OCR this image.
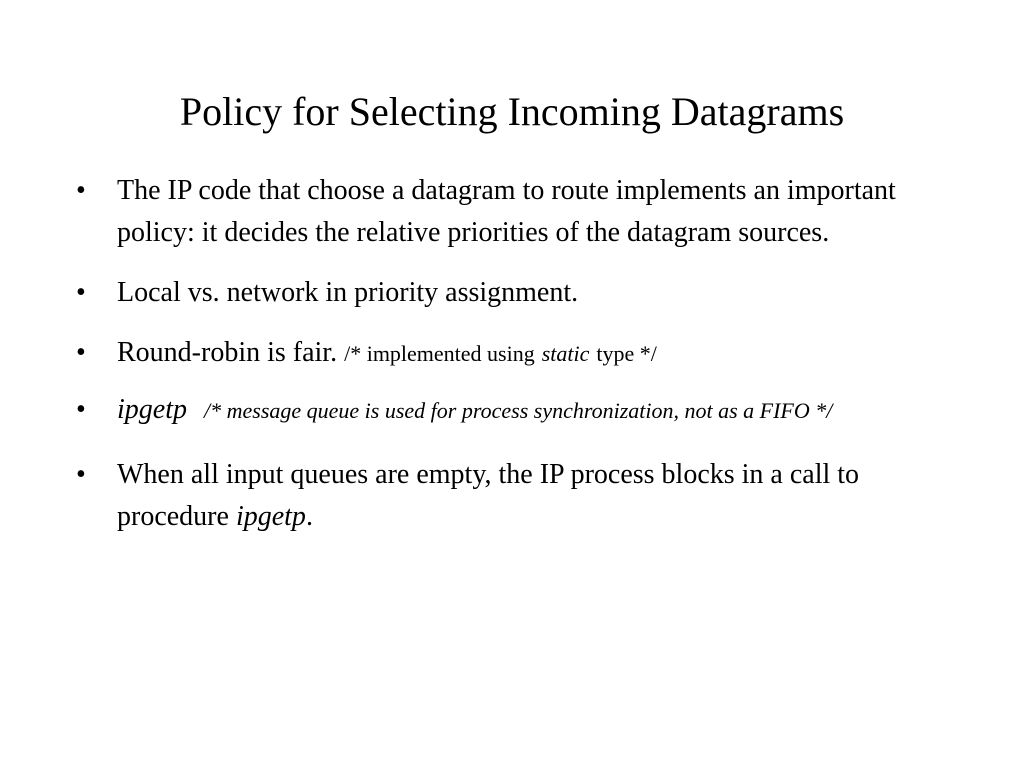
Policy for Selecting Incoming Datagrams
• The IP code that choose a datagram to route implements an important policy: it decides the relative priorities of the datagram sources.
• Local vs. network in priority assignment.
• Round-robin is fair. /* implemented using static type */
• ipgetp /* message queue is used for process synchronization, not as a FIFO */
• When all input queues are empty, the IP process blocks in a call to procedure ipgetp.
